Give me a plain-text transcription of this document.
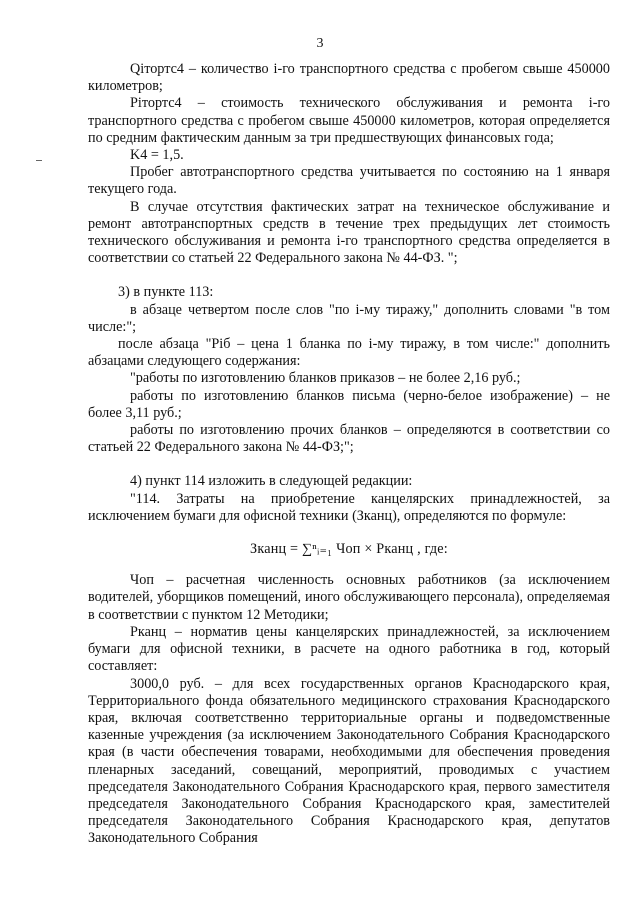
3

Qiтортс4 – количество i-го транспортного средства с пробегом свыше 450000 километров;

Piтортс4 – стоимость технического обслуживания и ремонта i-го транспортного средства с пробегом свыше 450000 километров, которая определяется по средним фактическим данным за три предшествующих финансовых года;

K4 = 1,5.

Пробег автотранспортного средства учитывается по состоянию на 1 января текущего года.

В случае отсутствия фактических затрат на техническое обслуживание и ремонт автотранспортных средств в течение трех предыдущих лет стоимость технического обслуживания и ремонта i-го транспортного средства определяется в соответствии со статьей 22 Федерального закона № 44-ФЗ. ";

3) в пункте 113:

в абзаце четвертом после слов "по i-му тиражу," дополнить словами "в том числе:";

после абзаца "Piб – цена 1 бланка по i-му тиражу, в том числе:" дополнить абзацами следующего содержания:

"работы по изготовлению бланков приказов – не более 2,16 руб.;

работы по изготовлению бланков письма (черно-белое изображение) – не более 3,11 руб.;

работы по изготовлению прочих бланков – определяются в соответствии со статьей 22 Федерального закона № 44-ФЗ;";

4) пункт 114 изложить в следующей редакции:

"114. Затраты на приобретение канцелярских принадлежностей, за исключением бумаги для офисной техники (Зканц), определяются по формуле:

Зканц = ∑ⁿᵢ₌₁ Чоп × Pканц , где:

Чоп – расчетная численность основных работников (за исключением водителей, уборщиков помещений, иного обслуживающего персонала), определяемая в соответствии с пунктом 12 Методики;

Pканц – норматив цены канцелярских принадлежностей, за исключением бумаги для офисной техники, в расчете на одного работника в год, который составляет:

3000,0 руб. – для всех государственных органов Краснодарского края, Территориального фонда обязательного медицинского страхования Краснодарского края, включая соответственно территориальные органы и подведомственные казенные учреждения (за исключением Законодательного Собрания Краснодарского края (в части обеспечения товарами, необходимыми для обеспечения проведения пленарных заседаний, совещаний, мероприятий, проводимых с участием председателя Законодательного Собрания Краснодарского края, первого заместителя председателя Законодательного Собрания Краснодарского края, заместителей председателя Законодательного Собрания Краснодарского края, депутатов Законодательного Собрания
